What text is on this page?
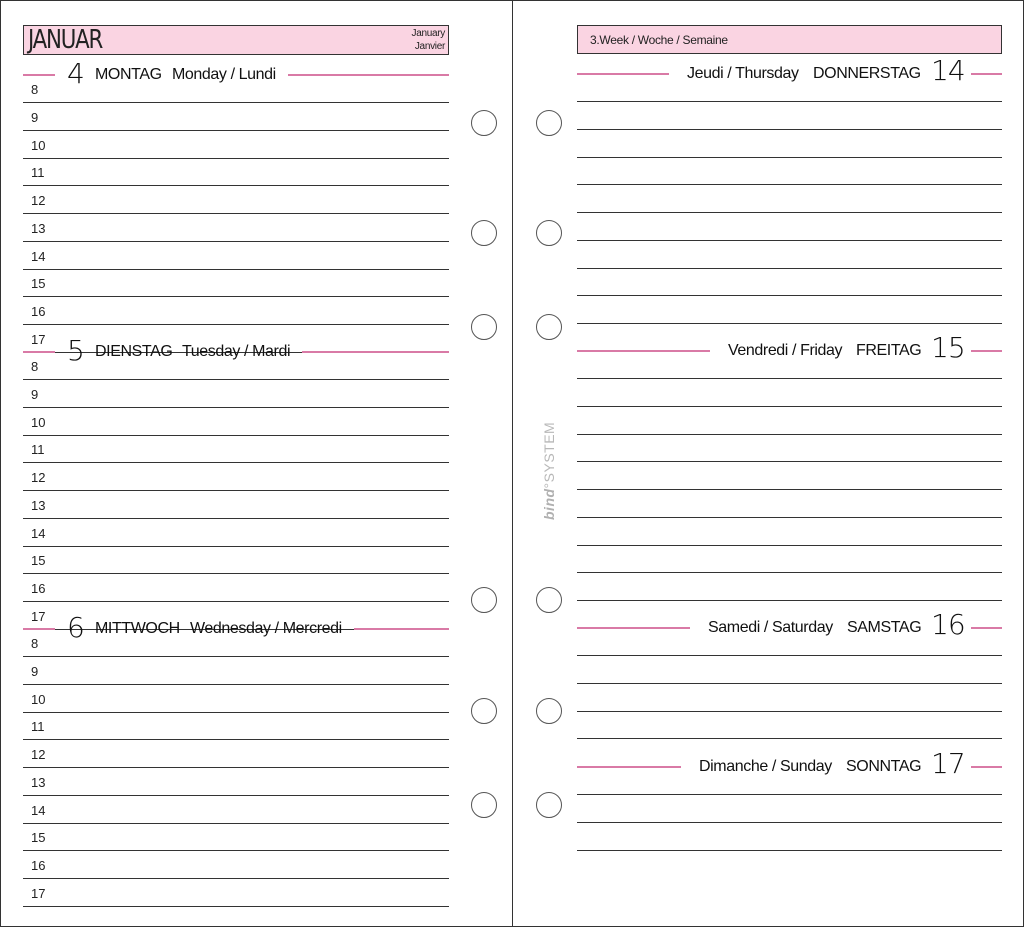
JANUAR	January
Janvier
4 MONTAG Monday / Lundi
8
9
10
11
12
13
14
15
16
17 5 DIENSTAG Tuesday / Mardi
8
9
10
11
12
13
14
15
16
17 6 MITTWOCH Wednesday / Mercredi
8
9
10
11
12
13
14
15
16
17
3.Week / Woche / Semaine
14
DONNERSTAG
Jeudi / Thursday
15
FREITAG
Vendredi / Friday
16
SAMSTAG
Samedi / Saturday
17
SONNTAG
Dimanche / Sunday
bind°SYSTEM
